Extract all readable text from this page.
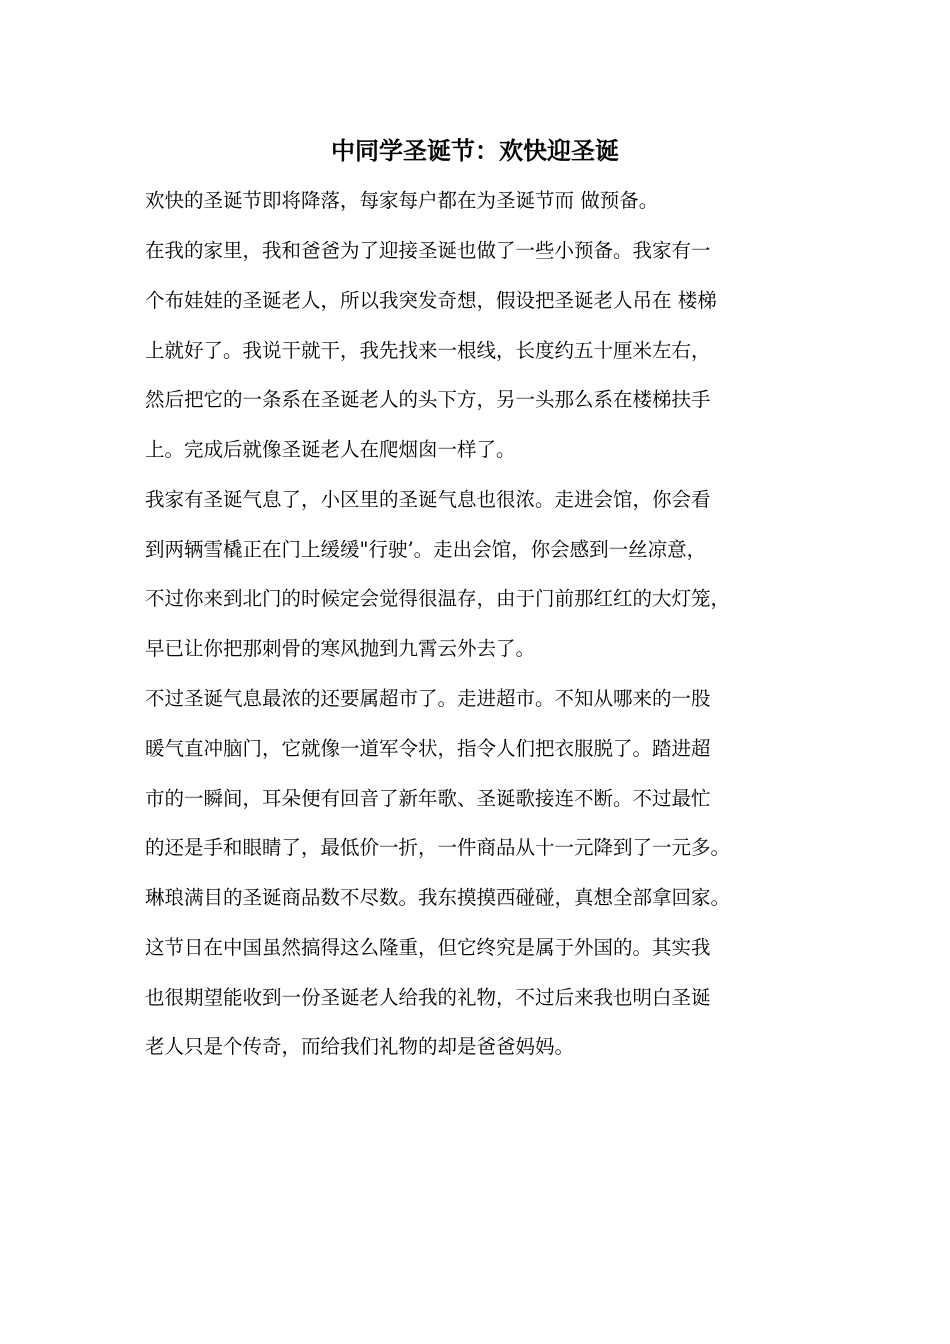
中同学圣诞节：欢快迎圣诞

欢快的圣诞节即将降落，每家每户都在为圣诞节而 做预备。

在我的家里，我和爸爸为了迎接圣诞也做了一些小预备。我家有一

个布娃娃的圣诞老人，所以我突发奇想，假设把圣诞老人吊在 楼梯

上就好了。我说干就干，我先找来一根线，长度约五十厘米左右，

然后把它的一条系在圣诞老人的头下方，另一头那么系在楼梯扶手

上。完成后就像圣诞老人在爬烟囱一样了。

我家有圣诞气息了，小区里的圣诞气息也很浓。走进会馆，你会看

到两辆雪橇正在门上缓缓"行驶’。走出会馆，你会感到一丝凉意，

不过你来到北门的时候定会觉得很温存，由于门前那红红的大灯笼，

早已让你把那刺骨的寒风抛到九霄云外去了。

不过圣诞气息最浓的还要属超市了。走进超市。不知从哪来的一股

暖气直冲脑门，它就像一道军令状，指令人们把衣服脱了。踏进超

市的一瞬间，耳朵便有回音了新年歌、圣诞歌接连不断。不过最忙

的还是手和眼睛了，最低价一折，一件商品从十一元降到了一元多。

琳琅满目的圣诞商品数不尽数。我东摸摸西碰碰，真想全部拿回家。

这节日在中国虽然搞得这么隆重，但它终究是属于外国的。其实我

也很期望能收到一份圣诞老人给我的礼物，不过后来我也明白圣诞

老人只是个传奇，而给我们礼物的却是爸爸妈妈。
